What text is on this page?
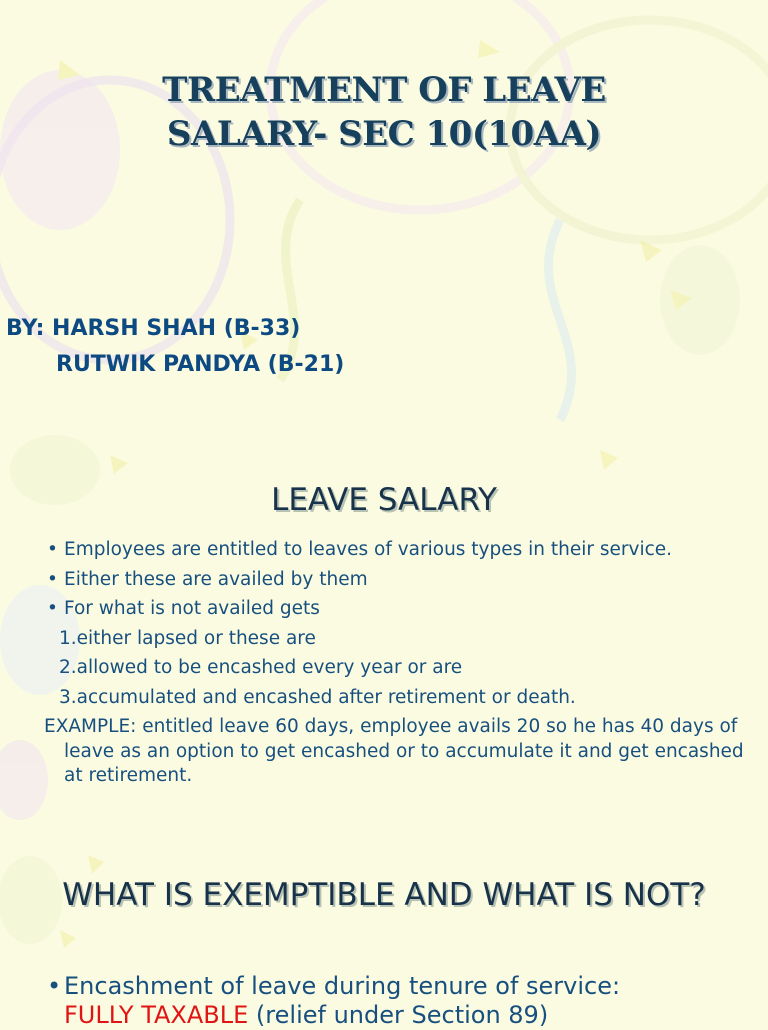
TREATMENT OF LEAVE
SALARY- SEC 10(10AA)
BY: HARSH SHAH (B-33)
RUTWIK PANDYA (B-21)
LEAVE SALARY

• Employees are entitled to leaves of various types in their service.

• Either these are availed by them

• For what is not availed gets

1.either lapsed or these are

2.allowed to be encashed every year or are

3.accumulated and encashed after retirement or death.

EXAMPLE: entitled leave 60 days, employee avails 20 so he has 40 days of leave as an option to get encashed or to accumulate it and get encashed at retirement.

WHAT IS EXEMPTIBLE AND WHAT IS NOT?

• Encashment of leave during tenure of service:
FULLY TAXABLE (relief under Section 89)
